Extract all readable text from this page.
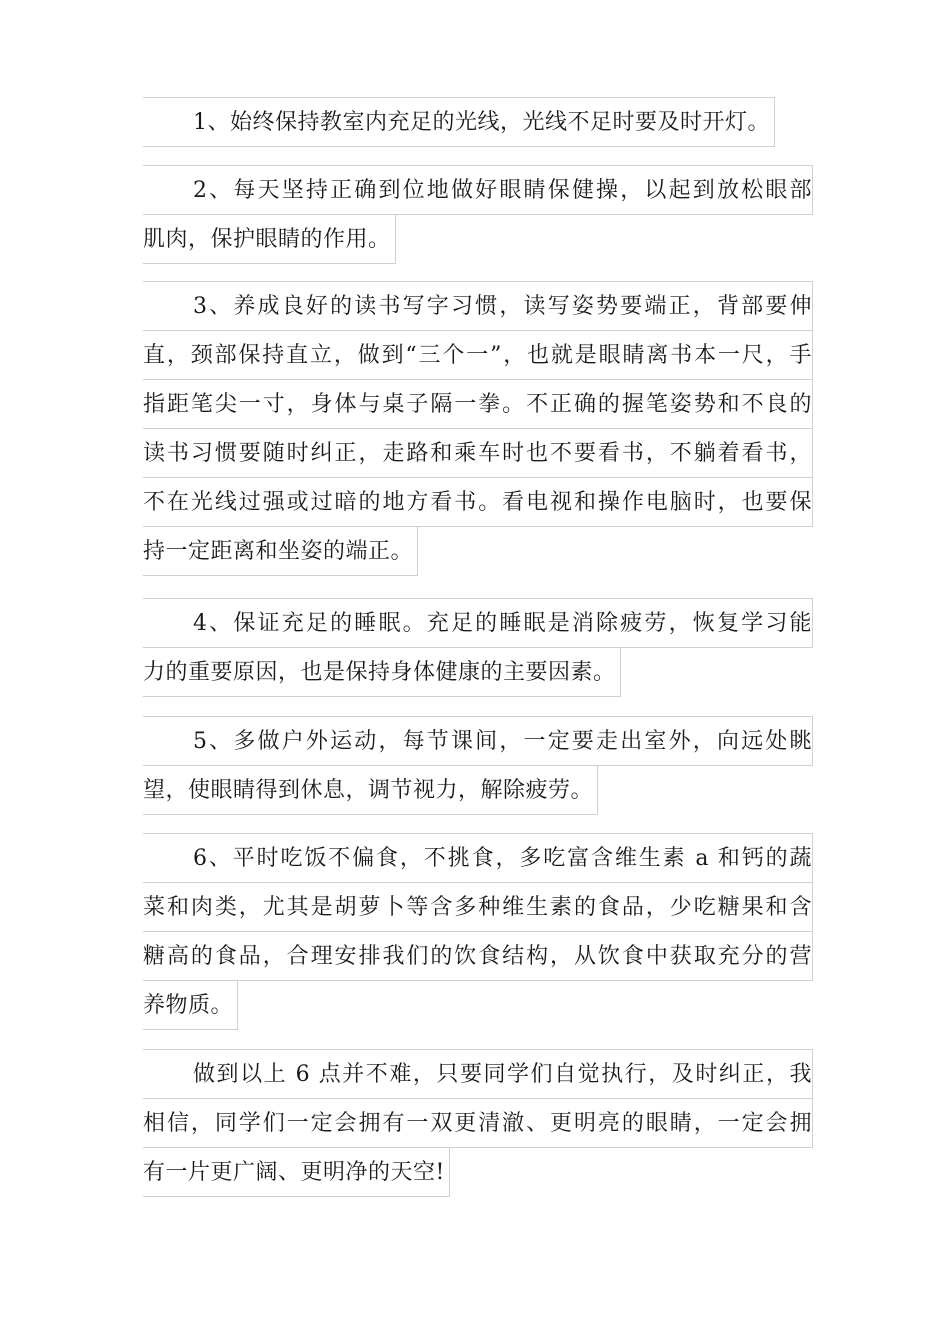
1、始终保持教室内充足的光线，光线不足时要及时开灯。
2、每天坚持正确到位地做好眼睛保健操，以起到放松眼部
肌肉，保护眼睛的作用。
3、养成良好的读书写字习惯，读写姿势要端正，背部要伸
直，颈部保持直立，做到“三个一”，也就是眼睛离书本一尺，手
指距笔尖一寸，身体与桌子隔一拳。不正确的握笔姿势和不良的
读书习惯要随时纠正，走路和乘车时也不要看书，不躺着看书，
不在光线过强或过暗的地方看书。看电视和操作电脑时，也要保
持一定距离和坐姿的端正。
4、保证充足的睡眠。充足的睡眠是消除疲劳，恢复学习能
力的重要原因，也是保持身体健康的主要因素。
5、多做户外运动，每节课间，一定要走出室外，向远处眺
望，使眼睛得到休息，调节视力，解除疲劳。
6、平时吃饭不偏食，不挑食，多吃富含维生素 a 和钙的蔬
菜和肉类，尤其是胡萝卜等含多种维生素的食品，少吃糖果和含
糖高的食品，合理安排我们的饮食结构，从饮食中获取充分的营
养物质。
做到以上 6 点并不难，只要同学们自觉执行，及时纠正，我
相信，同学们一定会拥有一双更清澈、更明亮的眼睛，一定会拥
有一片更广阔、更明净的天空!
